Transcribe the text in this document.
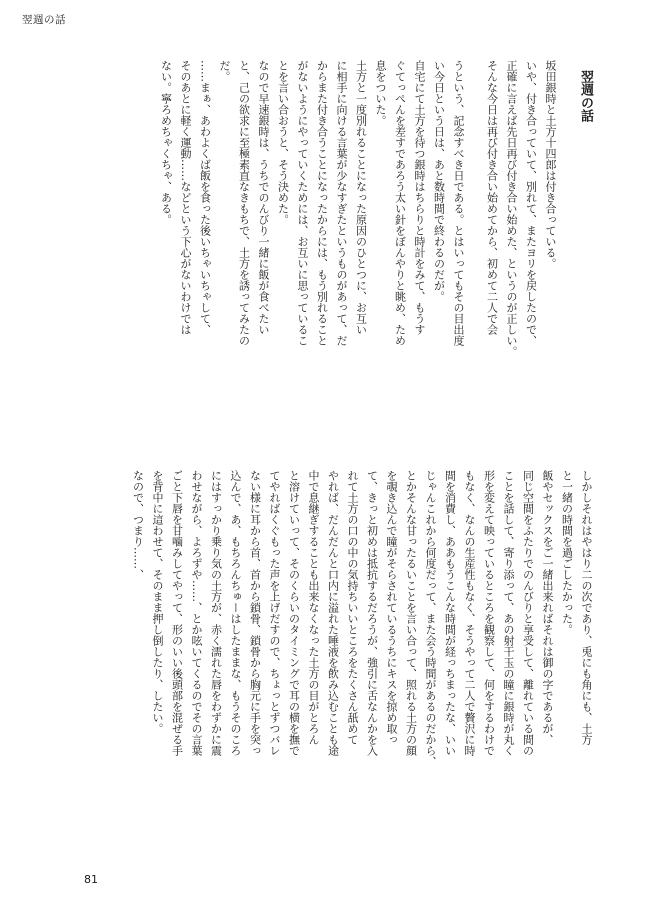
翌週の話

翌週の話

坂田銀時と土方十四郎は付き合っている。

いや、付き合っていて、別れて、またヨリを戻したので、

正確に言えば先日再び付き合い始めた、というのが正しい。

そんな今日は再び付き合い始めてから、初めて二人で会

うという、記念すべき日である。とはいってもその目出度

い今日という日は、あと数時間で終わるのだが。

自宅にて土方を待つ銀時はちらりと時計をみて、もうす

ぐてっぺんを差すであろう太い針をぼんやりと眺め、ため

息をついた。

土方と一度別れることになった原因のひとつに、お互い

に相手に向ける言葉が少なすぎたというものがあって、だ

からまた付き合うことになったからには、もう別れること

がないようにやっていくためには、お互いに思っているこ

とを言い合おうと、そう決めた。

なので早速銀時は、うちでのんびり一緒に飯が食べたい

と、己の欲求に至極素直なきもちで、土方を誘ってみたの

だ。

……まぁ、あわよくば飯を食った後いちゃいちゃして、

そのあとに軽く運動……などという下心がないわけでは

ない。寧ろめちゃくちゃ、ある。

しかしそれはやはり二の次であり、兎にも角にも、土方

と一緒の時間を過ごしたかった。

飯やセックスをご一緒出来ればそれは御の字であるが、

同じ空間をふたりでのんびりと享受して、離れている間の

ことを話して、寄り添って、あの射干玉の瞳に銀時が丸く

形を変えて映っているところを観察して、何をするわけで

もなく、なんの生産性もなく、そうやって二人で贅沢に時

間を消費し、ああもうこんな時間が経っちまったな、いい

じゃんこれから何度だって、また会う時間があるのだから、

とかそんな甘ったるいことを言い合って、照れる土方の顔

を覗き込んで瞳がそらされているうちにキスを掠め取っ

て、きっと初めは抵抗するだろうが、強引に舌なんかを入

れて土方の口の中の気持ちいいところをたくさん舐めて

やれば、だんだんと口内に溢れた唾液を飲み込むことも途

中で息継ぎすることも出来なくなった土方の目がとろん

と溶けていって、そのくらいのタイミングで耳の横を撫で

てやればくぐもった声を上げだすので、ちょっとずつバレ

ない様に耳から首、首から鎖骨、鎖骨から胸元に手を突っ

込んで、あ、もちろんちゅーはしたままな、もうそのころ

にはすっかり乗り気の土方が、赤く濡れた唇をわずかに震

わせながら、よろずや……、とか呟いてくるのでその言葉

ごと下唇を甘噛みしてやって、形のいい後頭部を混ぜる手

を背中に這わせて、そのまま押し倒したり、したい。

なので、つまり……、

81
